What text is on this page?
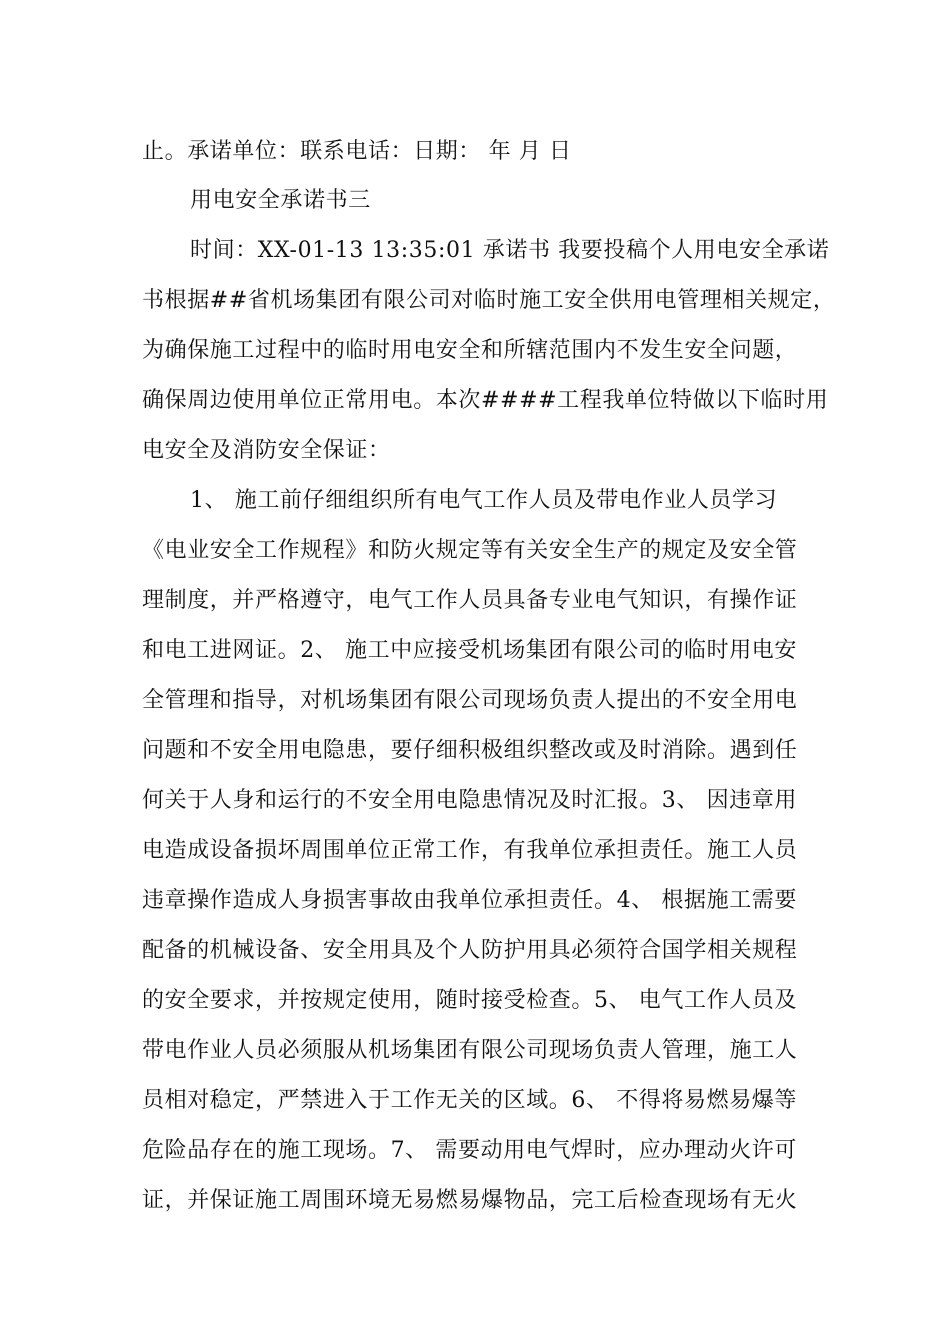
止。承诺单位：联系电话：日期： 年 月 日
用电安全承诺书三
时间：XX-01-13 13:35:01 承诺书 我要投稿个人用电安全承诺
书根据##省机场集团有限公司对临时施工安全供用电管理相关规定，
为确保施工过程中的临时用电安全和所辖范围内不发生安全问题，
确保周边使用单位正常用电。本次####工程我单位特做以下临时用
电安全及消防安全保证：
1、 施工前仔细组织所有电气工作人员及带电作业人员学习
《电业安全工作规程》和防火规定等有关安全生产的规定及安全管
理制度，并严格遵守，电气工作人员具备专业电气知识，有操作证
和电工进网证。2、 施工中应接受机场集团有限公司的临时用电安
全管理和指导，对机场集团有限公司现场负责人提出的不安全用电
问题和不安全用电隐患，要仔细积极组织整改或及时消除。遇到任
何关于人身和运行的不安全用电隐患情况及时汇报。3、 因违章用
电造成设备损坏周围单位正常工作，有我单位承担责任。施工人员
违章操作造成人身损害事故由我单位承担责任。4、 根据施工需要
配备的机械设备、安全用具及个人防护用具必须符合国学相关规程
的安全要求，并按规定使用，随时接受检查。5、 电气工作人员及
带电作业人员必须服从机场集团有限公司现场负责人管理，施工人
员相对稳定，严禁进入于工作无关的区域。6、 不得将易燃易爆等
危险品存在的施工现场。7、 需要动用电气焊时，应办理动火许可
证，并保证施工周围环境无易燃易爆物品，完工后检查现场有无火
